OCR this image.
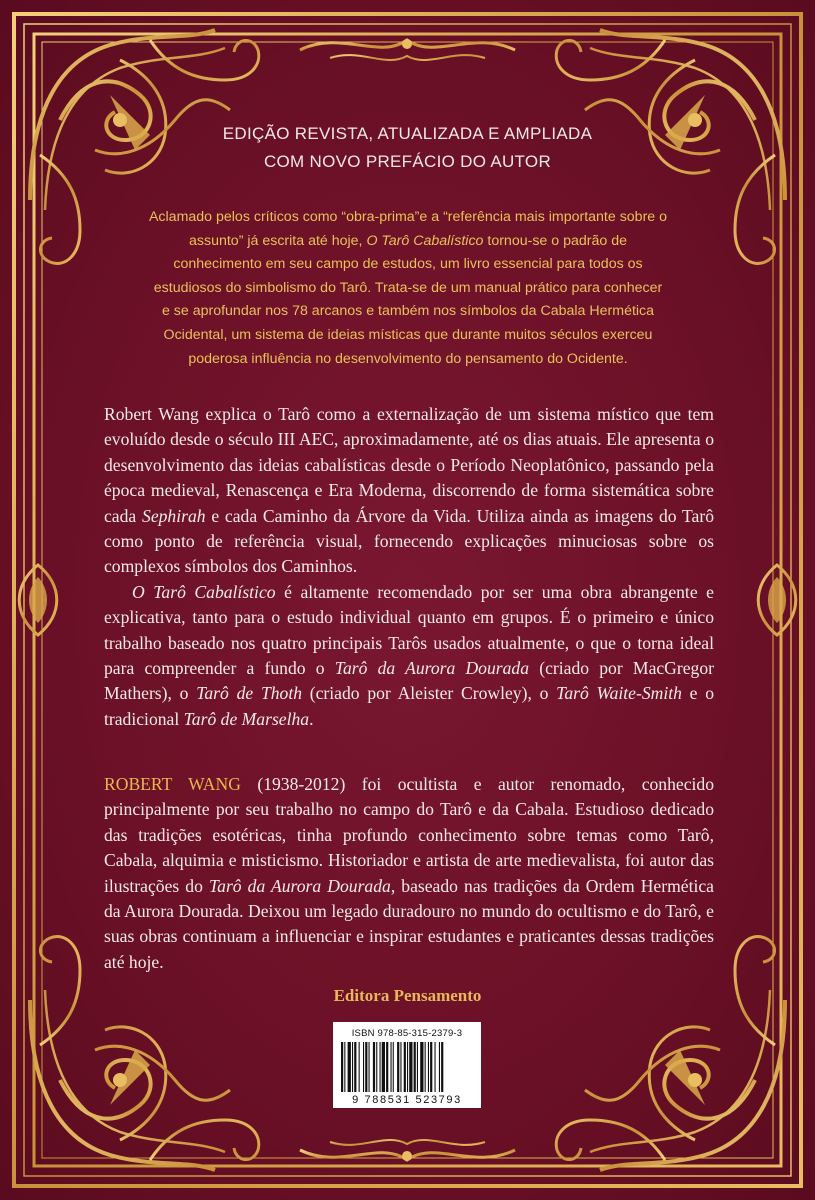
EDIÇÃO REVISTA, ATUALIZADA E AMPLIADA
COM NOVO PREFÁCIO DO AUTOR
Aclamado pelos críticos como “obra-prima”e a “referência mais importante sobre o assunto” já escrita até hoje, O Tarô Cabalístico tornou-se o padrão de conhecimento em seu campo de estudos, um livro essencial para todos os estudiosos do simbolismo do Tarô. Trata-se de um manual prático para conhecer e se aprofundar nos 78 arcanos e também nos símbolos da Cabala Hermética Ocidental, um sistema de ideias místicas que durante muitos séculos exerceu poderosa influência no desenvolvimento do pensamento do Ocidente.

Robert Wang explica o Tarô como a externalização de um sistema místico que tem evoluído desde o século III AEC, aproximadamente, até os dias atuais. Ele apresenta o desenvolvimento das ideias cabalísticas desde o Período Neoplatônico, passando pela época medieval, Renascença e Era Moderna, discorrendo de forma sistemática sobre cada Sephirah e cada Caminho da Árvore da Vida. Utiliza ainda as imagens do Tarô como ponto de referência visual, fornecendo explicações minuciosas sobre os complexos símbolos dos Caminhos.

O Tarô Cabalístico é altamente recomendado por ser uma obra abrangente e explicativa, tanto para o estudo individual quanto em grupos. É o primeiro e único trabalho baseado nos quatro principais Tarôs usados atualmente, o que o torna ideal para compreender a fundo o Tarô da Aurora Dourada (criado por MacGregor Mathers), o Tarô de Thoth (criado por Aleister Crowley), o Tarô Waite-Smith e o tradicional Tarô de Marselha.

ROBERT WANG (1938-2012) foi ocultista e autor renomado, conhecido principalmente por seu trabalho no campo do Tarô e da Cabala. Estudioso dedicado das tradições esotéricas, tinha profundo conhecimento sobre temas como Tarô, Cabala, alquimia e misticismo. Historiador e artista de arte medievalista, foi autor das ilustrações do Tarô da Aurora Dourada, baseado nas tradições da Ordem Hermética da Aurora Dourada. Deixou um legado duradouro no mundo do ocultismo e do Tarô, e suas obras continuam a influenciar e inspirar estudantes e praticantes dessas tradições até hoje.

Editora Pensamento
ISBN 978-85-315-2379-3
9 788531 523793
